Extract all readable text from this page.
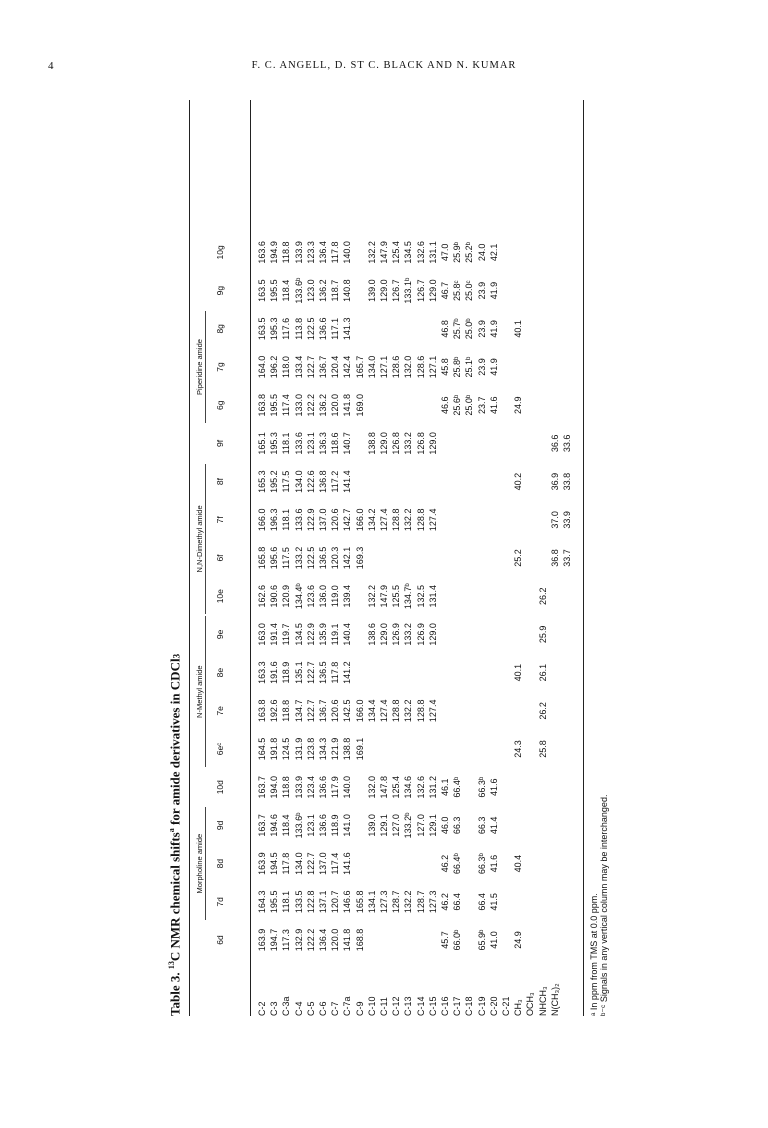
4	F. C. ANGELL, D. ST C. BLACK AND N. KUMAR
Table 3. $^{13}$C NMR chemical shifts$^a$ for amide derivatives in CDCl3
ᵃ In ppm from TMS at 0.0 ppm. ᵇ⁻ᶜ Signals in any vertical column may be interchanged.
Morpholine amide
N-Methyl amide
N,N-Dimethyl amide
Piperidine amide
6d
7d
8d
9d
10d
6eᶜ
7e
8e
9e
10e
6f
7f
8f
9f
6g
7g
8g
9g
10g
C-2
163.9
164.3
163.9
163.7
163.7
164.5
163.8
163.3
163.0
162.6
165.8
166.0
165.3
165.1
163.8
164.0
163.5
163.5
163.6
C-3
194.7
195.5
194.5
194.6
194.0
191.8
192.6
191.6
191.4
190.6
195.6
196.3
195.2
195.3
195.5
196.2
195.3
195.5
194.9
C-3a
117.3
118.1
117.8
118.4
118.8
124.5
118.8
118.9
119.7
120.9
117.5
118.1
117.5
118.1
117.4
118.0
117.6
118.4
118.8
C-4
132.9
133.5
134.0
133.6ᵇ
133.9
131.9
134.7
135.1
134.5
134.4ᵇ
133.2
133.6
134.0
133.6
133.0
133.4
113.8
133.6ᵇ
133.9
C-5
122.2
122.8
122.7
123.1
123.4
123.8
122.7
122.7
122.9
123.6
122.5
122.9
122.6
123.1
122.2
122.7
122.5
123.0
123.3
C-6
136.4
137.1
137.0
136.6
136.6
134.3
136.7
136.5
135.9
136.0
136.5
137.0
136.8
136.3
136.2
136.7
136.6
136.2
136.4
C-7
120.0
120.7
117.4
118.9
117.9
121.9
120.6
117.8
119.1
119.0
120.3
120.6
117.2
118.6
120.0
120.4
117.1
118.7
117.8
C-7a
141.8
146.6
141.6
141.0
140.0
138.8
142.5
141.2
140.4
139.4
142.1
142.7
141.4
140.7
141.8
142.4
141.3
140.8
140.0
C-9
168.8
165.8
169.1
166.0
169.3
166.0
169.0
165.7
C-10
134.1
139.0
132.0
134.4
138.6
132.2
134.2
138.8
134.0
139.0
132.2
C-11
127.3
129.1
147.8
127.4
129.0
147.9
127.4
129.0
127.1
129.0
147.9
C-12
128.7
127.0
125.4
128.8
126.9
125.5
128.8
126.8
128.6
126.7
125.4
C-13
132.2
133.2ᵇ
134.6
132.2
133.2
134.7ᵇ
132.2
133.2
132.0
133.1ᵇ
134.5
C-14
128.7
127.0
132.6
128.8
126.9
132.5
128.8
126.8
128.6
126.7
132.6
C-15
127.3
129.1
131.2
127.4
129.0
131.4
127.4
129.0
127.1
129.0
131.1
C-16
45.7
46.2
46.2
46.0
46.1
46.6
45.8
46.8
46.7
47.0
C-17
66.0ᵇ
66.4
66.4ᵇ
66.3
66.4ᵇ
25.6ᵇ
25.8ᵇ
25.7ᵇ
25.8ᶜ
25.9ᵇ
C-18
25.0ᵇ
25.1ᵇ
25.0ᵇ
25.0ᶜ
25.2ᵇ
C-19
65.9ᵇ
66.4
66.3ᵇ
66.3
66.3ᵇ
23.7
23.9
23.9
23.9
24.0
C-20
41.0
41.5
41.6
41.4
41.6
41.6
41.9
41.9
41.9
42.1
C-21 CH₃
24.9
40.4
24.3
40.1
25.2
40.2
24.9
40.1
OCH₃ NHCH₃
25.8
26.2
26.1
25.9
26.2
N(CH₃)₂
36.8
37.0
36.9
36.6
33.7
33.9
33.8
33.6
